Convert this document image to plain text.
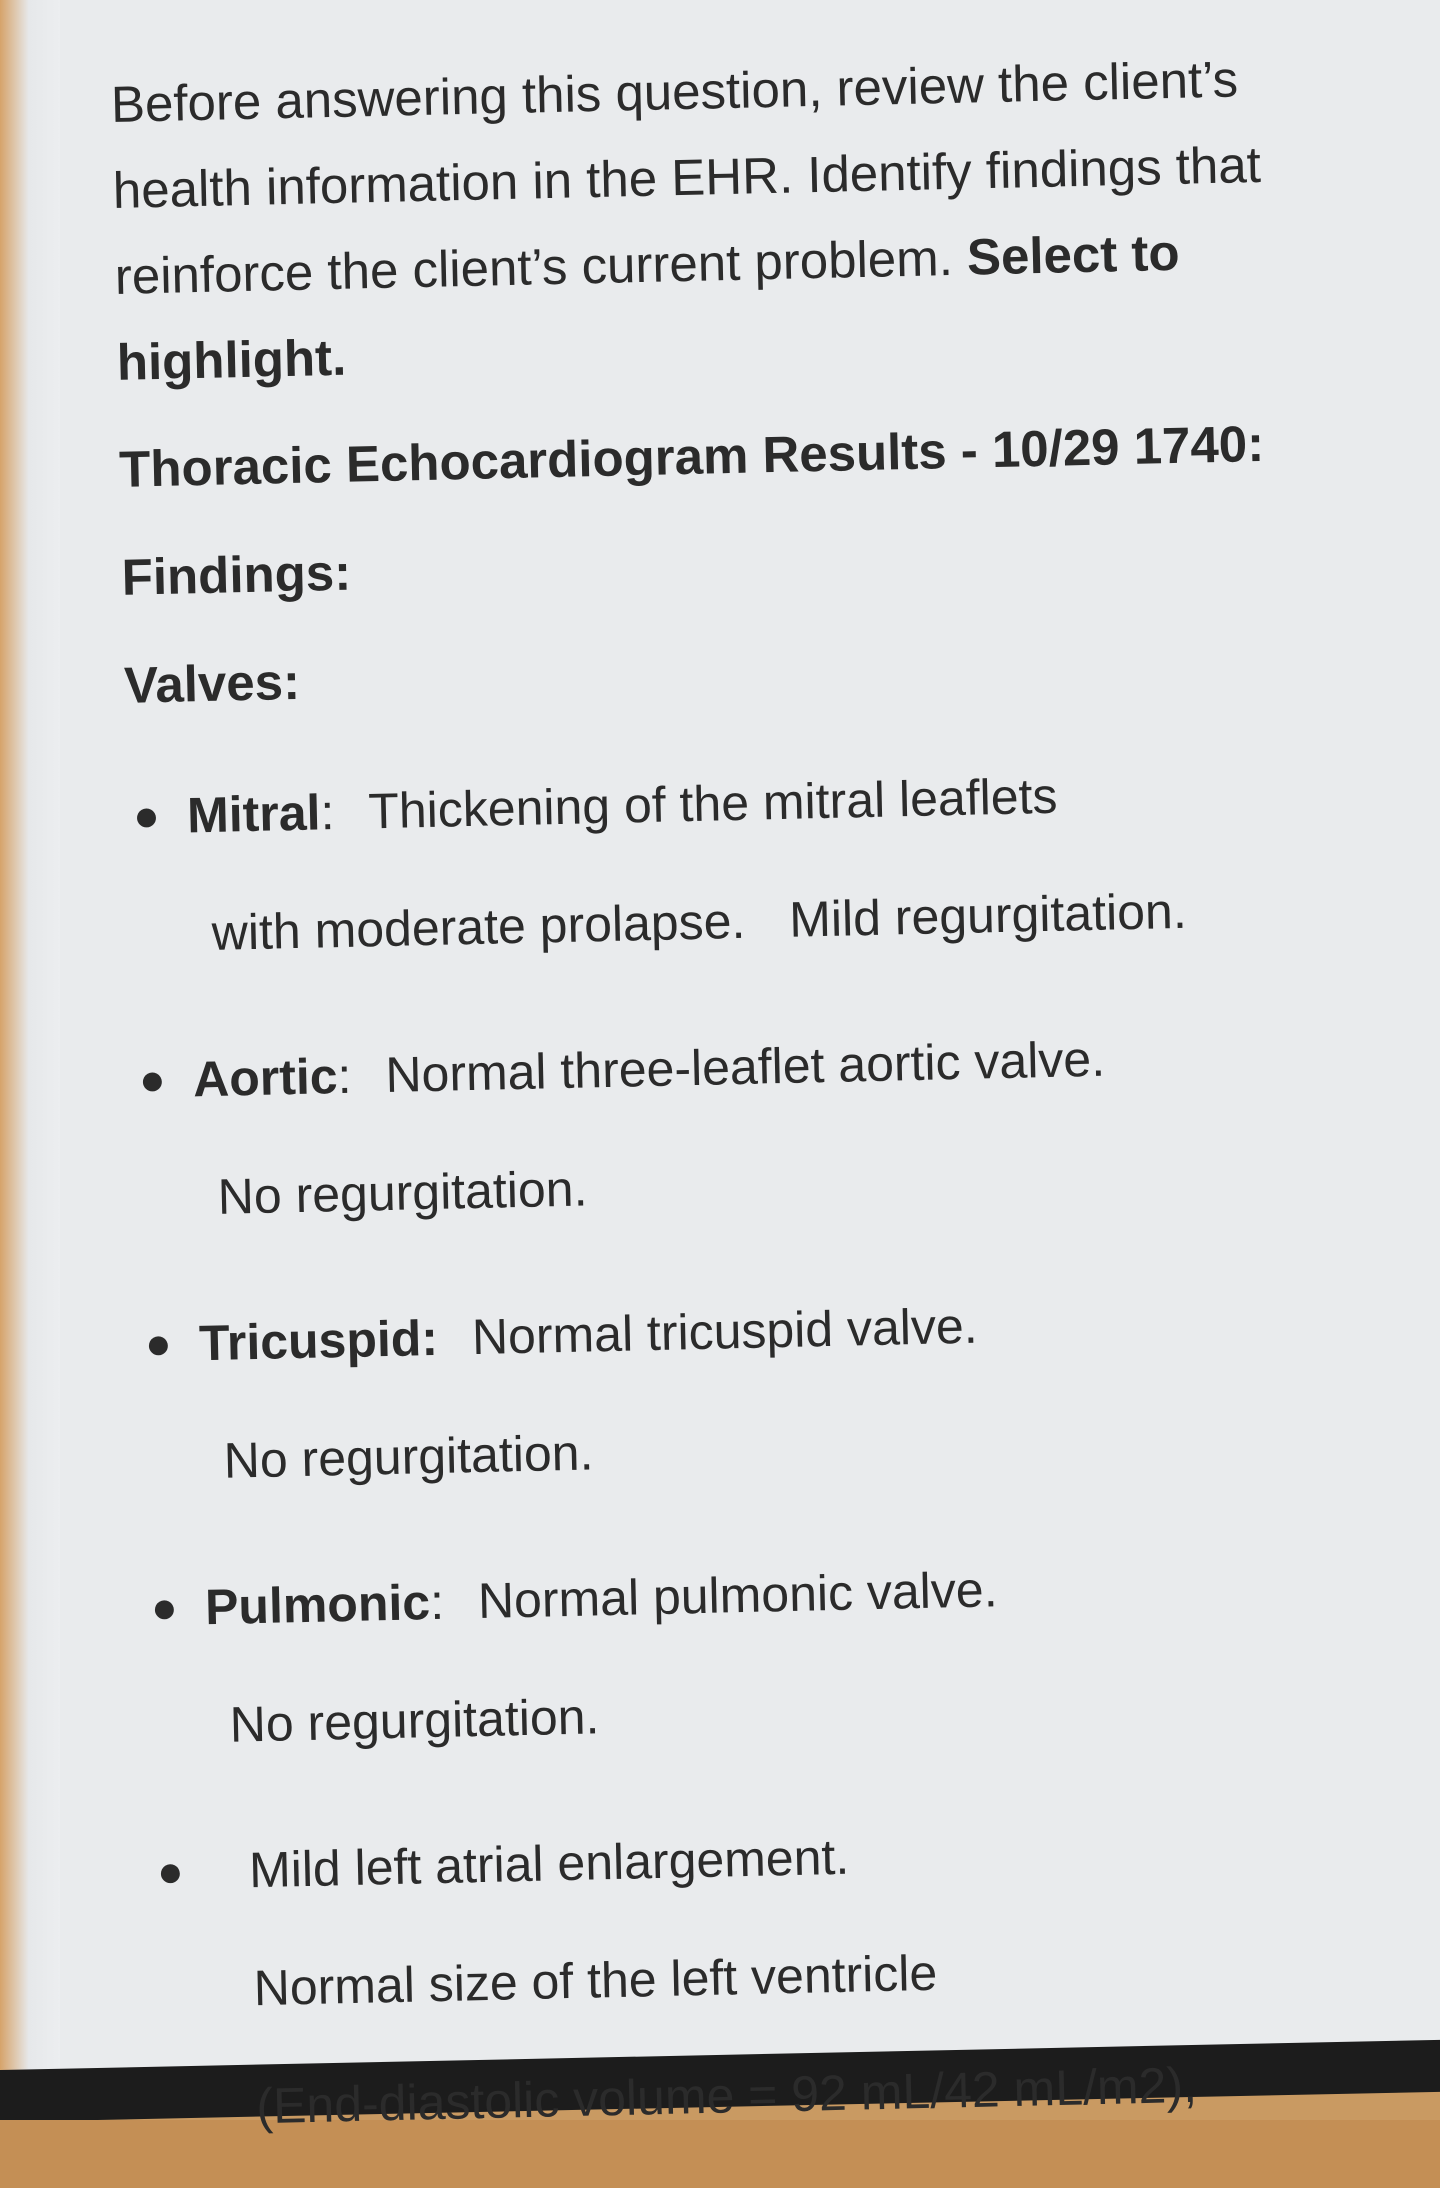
Before answering this question, review the client’s health information in the EHR. Identify findings that reinforce the client’s current problem. Select to highlight.

Thoracic Echocardiogram Results - 10/29 1740:
Findings:
Valves:
● Mitral: Thickening of the mitral leaflets
with moderate prolapse. Mild regurgitation.
● Aortic: Normal three-leaflet aortic valve.
No regurgitation.
● Tricuspid: Normal tricuspid valve.
No regurgitation.
● Pulmonic: Normal pulmonic valve.
No regurgitation.
●	Mild left atrial enlargement.
Normal size of the left ventricle
(End-diastolic volume = 92 mL/42 mL/m2),
